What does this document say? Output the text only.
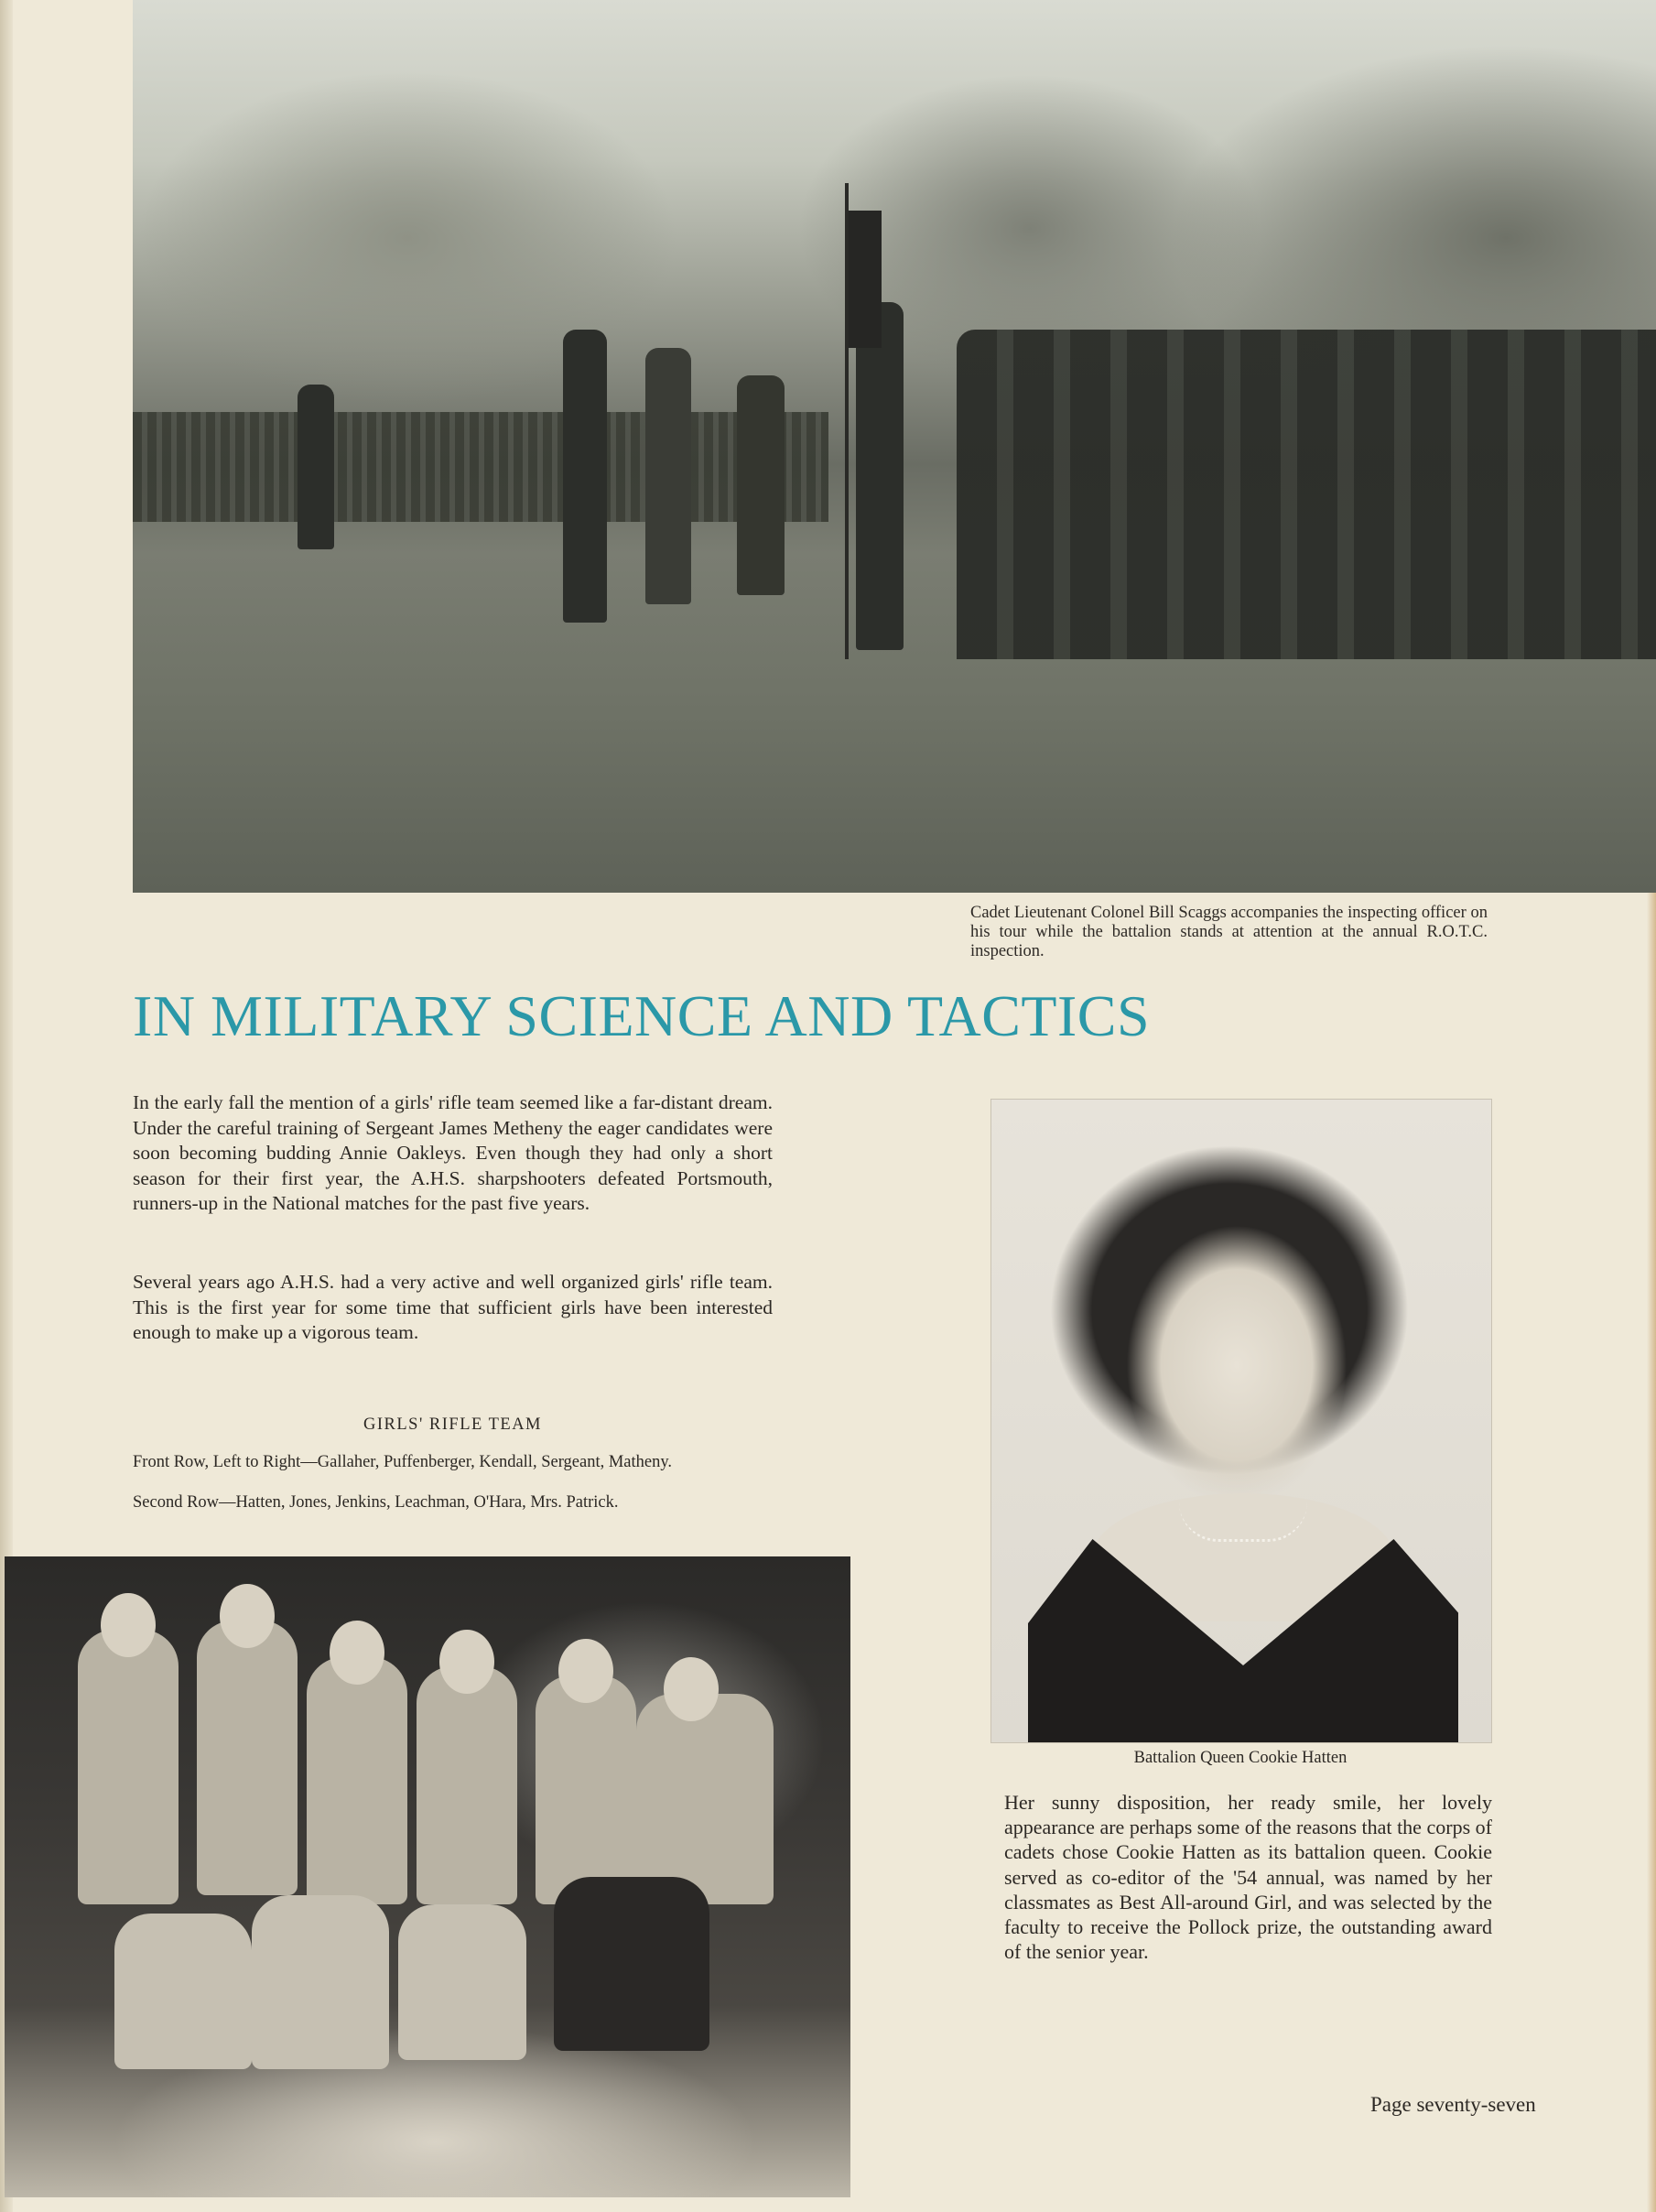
Cadet Lieutenant Colonel Bill Scaggs accompanies the inspecting officer on his tour while the battalion stands at attention at the annual R.O.T.C. inspection.
IN MILITARY SCIENCE AND TACTICS

In the early fall the mention of a girls' rifle team seemed like a far-distant dream. Under the careful training of Sergeant James Metheny the eager candidates were soon becoming budding Annie Oakleys. Even though they had only a short season for their first year, the A.H.S. sharpshooters defeated Portsmouth, runners-up in the National matches for the past five years.

Several years ago A.H.S. had a very active and well organized girls' rifle team. This is the first year for some time that sufficient girls have been interested enough to make up a vigorous team.

GIRLS' RIFLE TEAM

Front Row, Left to Right—Gallaher, Puffenberger, Kendall, Sergeant, Matheny.

Second Row—Hatten, Jones, Jenkins, Leachman, O'Hara, Mrs. Patrick.

Battalion Queen Cookie Hatten

Her sunny disposition, her ready smile, her lovely appearance are perhaps some of the reasons that the corps of cadets chose Cookie Hatten as its battalion queen. Cookie served as co-editor of the '54 annual, was named by her classmates as Best All-around Girl, and was selected by the faculty to receive the Pollock prize, the outstanding award of the senior year.

Page seventy-seven
